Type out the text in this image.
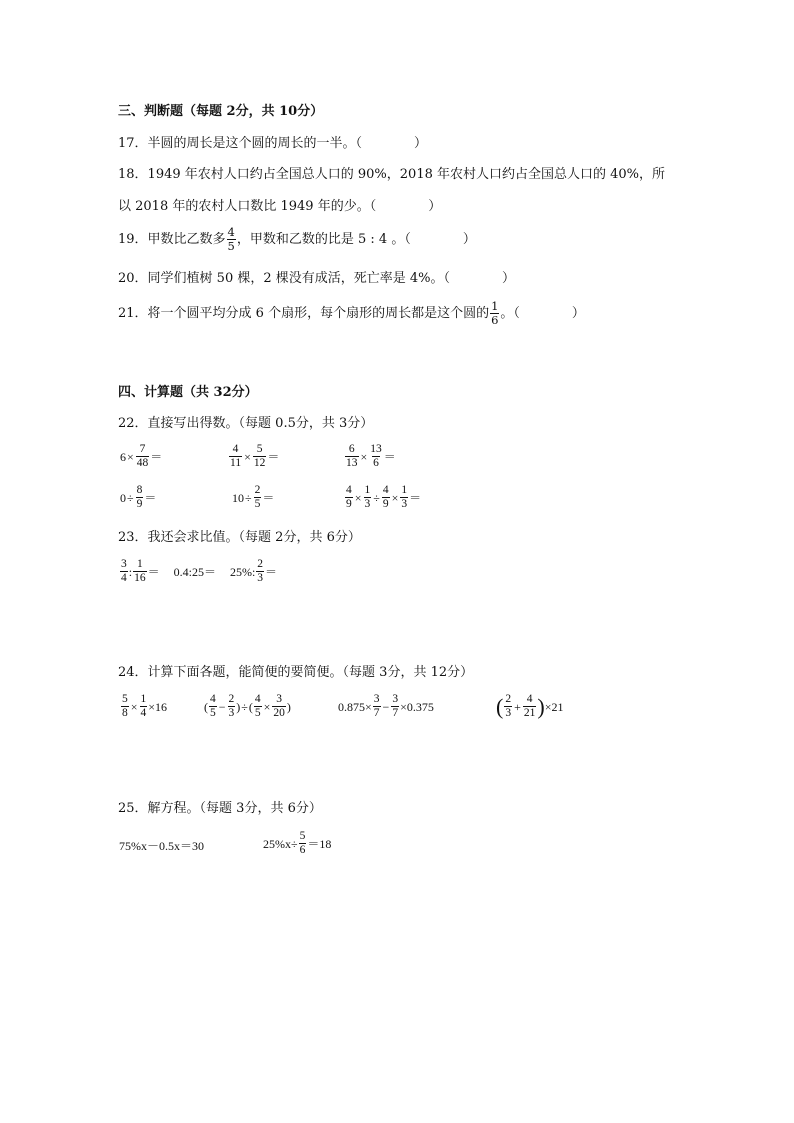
三、判断题（每题 2分，共 10分）
17．半圆的周长是这个圆的周长的一半。（　　　　）
18．1949 年农村人口约占全国总人口的 90%，2018 年农村人口约占全国总人口的 40%，所
以 2018 年的农村人口数比 1949 年的少。（　　　　）
19．甲数比乙数多 $\frac{4}{5}$ ，甲数和乙数的比是 5 : 4 。（　　　　）
20．同学们植树 50 棵，2 棵没有成活，死亡率是 4%。（　　　　）
21．将一个圆平均分成 6 个扇形，每个扇形的周长都是这个圆的 $\frac{1}{6}$ 。（　　　　）
四、计算题（共 32分）
22．直接写出得数。（每题 0.5分，共 3分）
$6 \times \frac{7}{48}$ ＝	$\frac{4}{11} \times \frac{5}{12}$ ＝	$\frac{6}{13} \times \frac{13}{6}$ ＝
$0 \div \frac{8}{9}$ ＝	$10 \div \frac{2}{5}$ ＝	$\frac{4}{9} \times \frac{1}{3} \div \frac{4}{9} \times \frac{1}{3}$ ＝
23．我还会求比值。（每题 2分，共 6分）
$\frac{3}{4}$ : $\frac{1}{16}$ ＝ 0.4:25＝ 25%: $\frac{2}{3}$ ＝
24．计算下面各题，能简便的要简便。（每题 3分，共 12分）
$\frac{5}{8} \times \frac{1}{4} \times 16$	( $\frac{4}{5} - \frac{2}{3}$ ) ÷ ( $\frac{4}{5} \times \frac{3}{20}$ )	$0.875\times \frac{3}{7} - \frac{3}{7} \times 0.375$	( $\frac{2}{3} + \frac{4}{21}$ ) ×21
25．解方程。（每题 3分，共 6分）
75%x－0.5x＝30	$25\%x\div \frac{5}{6} =18$
